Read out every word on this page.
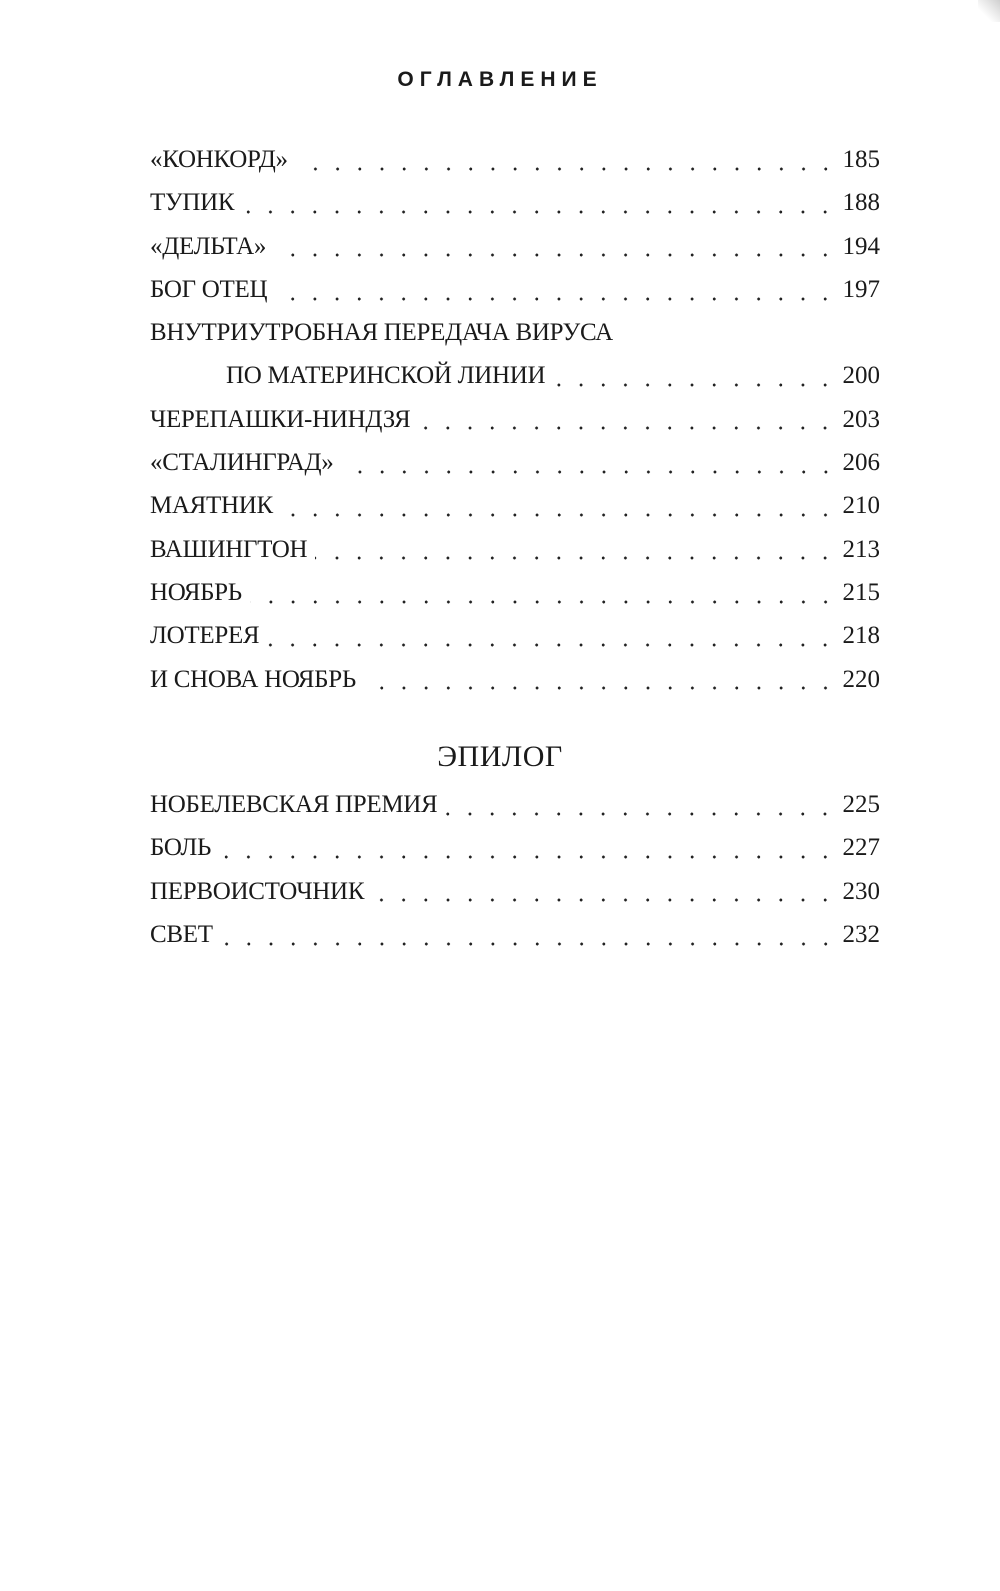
ОГЛАВЛЕНИЕ
«КОНКОРД»	185
ТУПИК	188
«ДЕЛЬТА»	194
БОГ ОТЕЦ	197
ВНУТРИУТРОБНАЯ ПЕРЕДАЧА ВИРУСА
ПО МАТЕРИНСКОЙ ЛИНИИ	200
ЧЕРЕПАШКИ-НИНДЗЯ	203
«СТАЛИНГРАД»	206
МАЯТНИК	210
ВАШИНГТОН	213
НОЯБРЬ	215
ЛОТЕРЕЯ	218
И СНОВА НОЯБРЬ	220
ЭПИЛОГ
НОБЕЛЕВСКАЯ ПРЕМИЯ	225
БОЛЬ	227
ПЕРВОИСТОЧНИК	230
СВЕТ	232
